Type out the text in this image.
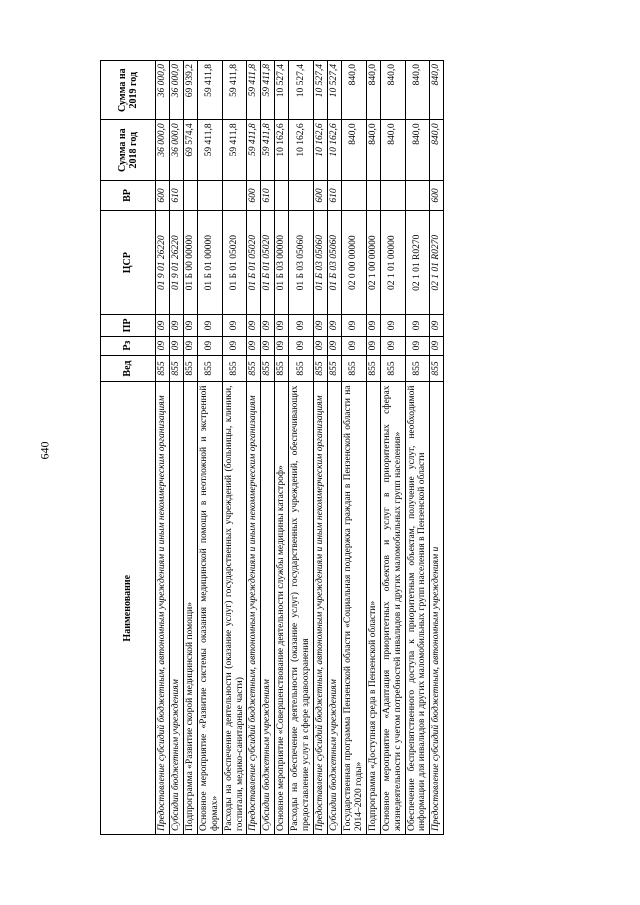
640
Наименование	Вед	Рз	ПР	ЦСР	ВР	Сумма на 2018 год	Сумма на 2019 год
Предоставление субсидий бюджетным, автономным учреждениям и иным некоммерческим организациям	855	09	09	01 9 01 26220	600	36 000,0	36 000,0
Субсидии бюджетным учреждениям	855	09	09	01 9 01 26220	610	36 000,0	36 000,0
Подпрограмма «Развитие скорой медицинской помощи»	855	09	09	01 Б 00 00000		69 574,4	69 939,2
Основное мероприятие «Развитие системы оказания медицинской помощи в неотложной и экстренной формах»	855	09	09	01 Б 01 00000		59 411,8	59 411,8
Расходы на обеспечение деятельности (оказание услуг) государственных учреждений (больницы, клиники, госпитали, медико-санитарные части)	855	09	09	01 Б 01 05020		59 411,8	59 411,8
Предоставление субсидий бюджетным, автономным учреждениям и иным некоммерческим организациям	855	09	09	01 Б 01 05020	600	59 411,8	59 411,8
Субсидии бюджетным учреждениям	855	09	09	01 Б 01 05020	610	59 411,8	59 411,8
Основное мероприятие «Совершенствование деятельности службы медицины катастроф»	855	09	09	01 Б 03 00000		10 162,6	10 527,4
Расходы на обеспечение деятельности (оказание услуг) государственных учреждений, обеспечивающих предоставление услуг в сфере здравоохранения	855	09	09	01 Б 03 05060		10 162,6	10 527,4
Предоставление субсидий бюджетным, автономным учреждениям и иным некоммерческим организациям	855	09	09	01 Б 03 05060	600	10 162,6	10 527,4
Субсидии бюджетным учреждениям	855	09	09	01 Б 03 05060	610	10 162,6	10 527,4
Государственная программа Пензенской области «Социальная поддержка граждан в Пензенской области на 2014–2020 годы»	855	09	09	02 0 00 00000		840,0	840,0
Подпрограмма «Доступная среда в Пензенской области»	855	09	09	02 1 00 00000		840,0	840,0
Основное мероприятие «Адаптация приоритетных объектов и услуг в приоритетных сферах жизнедеятельности с учетом потребностей инвалидов и других маломобильных групп населения»	855	09	09	02 1 01 00000		840,0	840,0
Обеспечение беспрепятственного доступа к приоритетным объектам, получение услуг, необходимой информации для инвалидов и других маломобильных групп населения в Пензенской области	855	09	09	02 1 01 R0270		840,0	840,0
Предоставление субсидий бюджетным, автономным учреждениям и	855	09	09	02 1 01 R0270	600	840,0	840,0
